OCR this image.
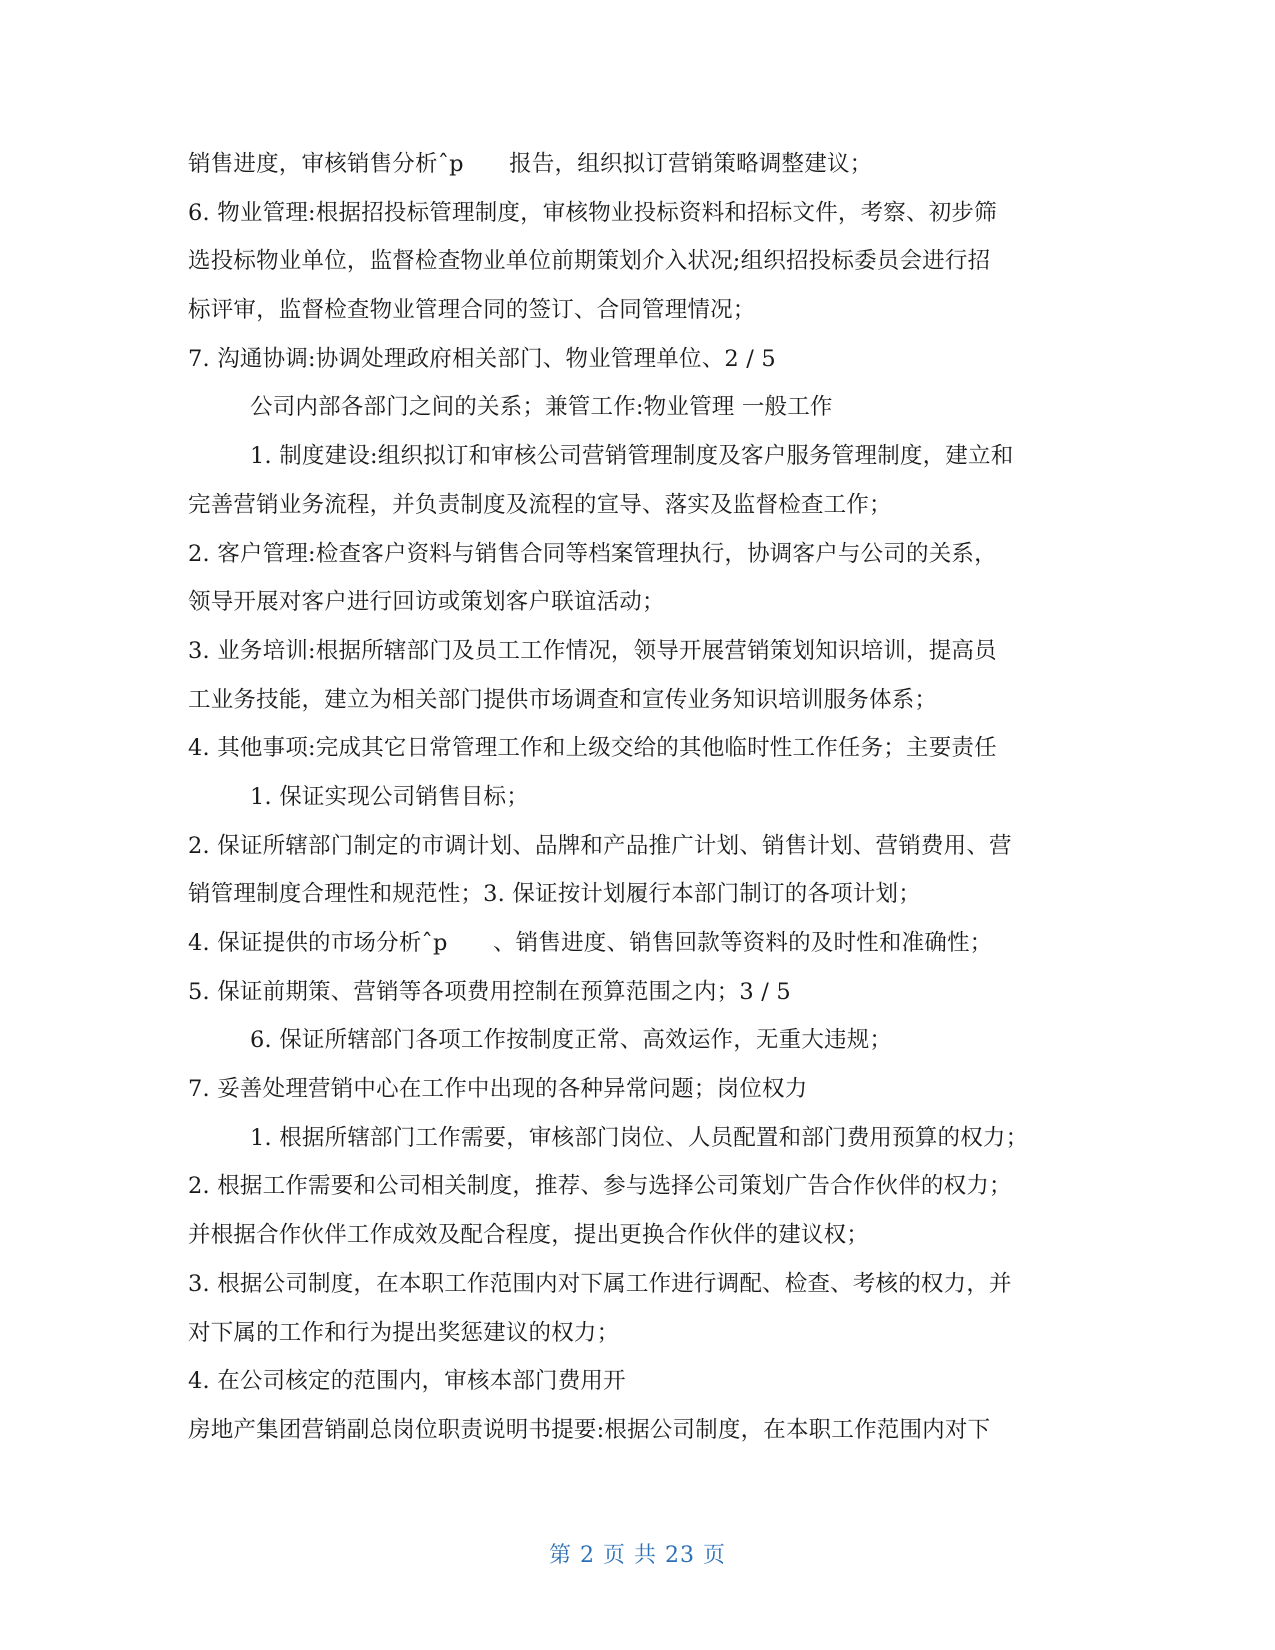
销售进度，审核销售分析ˆp　　报告，组织拟订营销策略调整建议；
6. 物业管理:根据招投标管理制度，审核物业投标资料和招标文件，考察、初步筛
选投标物业单位，监督检查物业单位前期策划介入状况;组织招投标委员会进行招
标评审，监督检查物业管理合同的签订、合同管理情况；
7. 沟通协调:协调处理政府相关部门、物业管理单位、2 / 5
公司内部各部门之间的关系；兼管工作:物业管理 一般工作
1. 制度建设:组织拟订和审核公司营销管理制度及客户服务管理制度，建立和
完善营销业务流程，并负责制度及流程的宣导、落实及监督检查工作；
2. 客户管理:检查客户资料与销售合同等档案管理执行，协调客户与公司的关系，
领导开展对客户进行回访或策划客户联谊活动；
3. 业务培训:根据所辖部门及员工工作情况，领导开展营销策划知识培训，提高员
工业务技能，建立为相关部门提供市场调查和宣传业务知识培训服务体系；
4. 其他事项:完成其它日常管理工作和上级交给的其他临时性工作任务；主要责任
1. 保证实现公司销售目标；
2. 保证所辖部门制定的市调计划、品牌和产品推广计划、销售计划、营销费用、营
销管理制度合理性和规范性；3. 保证按计划履行本部门制订的各项计划；
4. 保证提供的市场分析ˆp　　、销售进度、销售回款等资料的及时性和准确性；
5. 保证前期策、营销等各项费用控制在预算范围之内；3 / 5
6. 保证所辖部门各项工作按制度正常、高效运作，无重大违规；
7. 妥善处理营销中心在工作中出现的各种异常问题；岗位权力
1. 根据所辖部门工作需要，审核部门岗位、人员配置和部门费用预算的权力；
2. 根据工作需要和公司相关制度，推荐、参与选择公司策划广告合作伙伴的权力；
并根据合作伙伴工作成效及配合程度，提出更换合作伙伴的建议权；
3. 根据公司制度，在本职工作范围内对下属工作进行调配、检查、考核的权力，并
对下属的工作和行为提出奖惩建议的权力；
4. 在公司核定的范围内，审核本部门费用开
房地产集团营销副总岗位职责说明书提要:根据公司制度，在本职工作范围内对下
第 2 页 共 23 页
